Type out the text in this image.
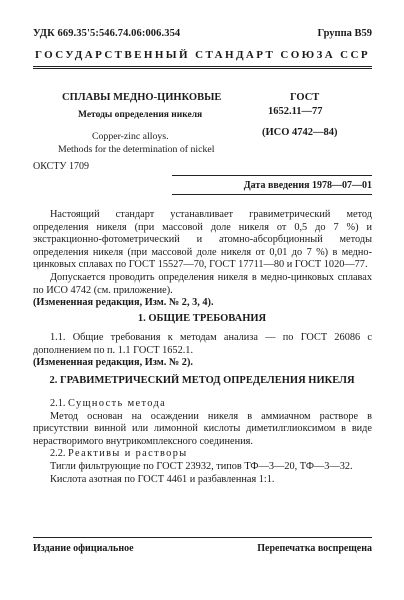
УДК 669.35'5:546.74.06:006.354	Группа В59
ГОСУДАРСТВЕННЫЙ СТАНДАРТ СОЮЗА ССР
СПЛАВЫ МЕДНО-ЦИНКОВЫЕ
Методы определения никеля
Copper-zinc alloys.
Methods for the determination of nickel
ГОСТ
1652.11—77
(ИСО 4742—84)
ОКСТУ 1709
Дата введения 1978—07—01

Настоящий стандарт устанавливает гравиметрический метод определения никеля (при массовой доле никеля от 0,5 до 7 %) и экстракционно-фотометрический и атомно-абсорбционный методы определения никеля (при массовой доле никеля от 0,01 до 7 %) в медно-цинковых сплавах по ГОСТ 15527—70, ГОСТ 17711—80 и ГОСТ 1020—77.

Допускается проводить определения никеля в медно-цинковых сплавах по ИСО 4742 (см. приложение).

(Измененная редакция, Изм. № 2, 3, 4).

1. ОБЩИЕ ТРЕБОВАНИЯ

1.1. Общие требования к методам анализа — по ГОСТ 26086 с дополнением по п. 1.1 ГОСТ 1652.1.

(Измененная редакция, Изм. № 2).

2. ГРАВИМЕТРИЧЕСКИЙ МЕТОД ОПРЕДЕЛЕНИЯ НИКЕЛЯ

2.1. Сущность метода

Метод основан на осаждении никеля в аммиачном растворе в присутствии винной или лимонной кислоты диметилглиоксимом в виде нерастворимого внутрикомплексного соединения.

2.2. Реактивы и растворы

Тигли фильтрующие по ГОСТ 23932, типов ТФ—3—20, ТФ—3—32.

Кислота азотная по ГОСТ 4461 и разбавленная 1:1.

Издание официальное	Перепечатка воспрещена
